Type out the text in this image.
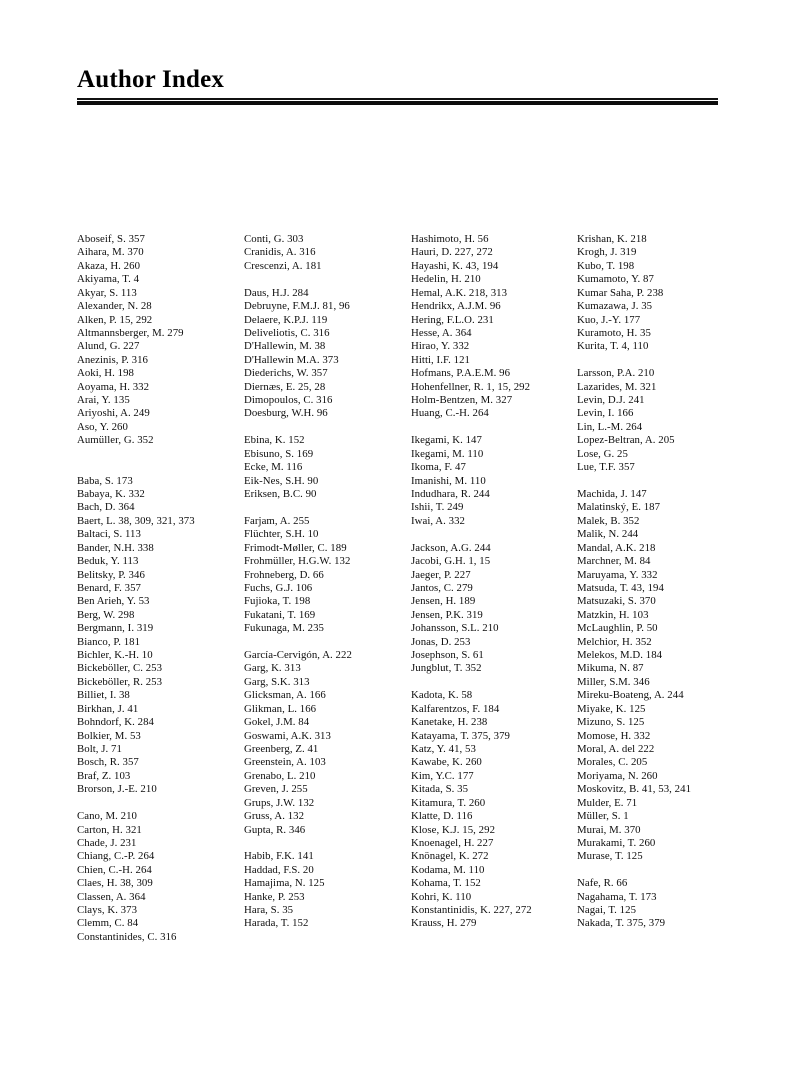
Author Index
Aboseif, S. 357
Aihara, M. 370
Akaza, H. 260
Akiyama, T. 4
Akyar, S. 113
Alexander, N. 28
Alken, P. 15, 292
Altmannsberger, M. 279
Alund, G. 227
Anezinis, P. 316
Aoki, H. 198
Aoyama, H. 332
Arai, Y. 135
Ariyoshi, A. 249
Aso, Y. 260
Aumüller, G. 352
Baba, S. 173
Babaya, K. 332
Bach, D. 364
Baert, L. 38, 309, 321, 373
Baltaci, S. 113
Bander, N.H. 338
Beduk, Y. 113
Belitsky, P. 346
Benard, F. 357
Ben Arieh, Y. 53
Berg, W. 298
Bergmann, I. 319
Bianco, P. 181
Bichler, K.-H. 10
Bickeböller, C. 253
Bickeböller, R. 253
Billiet, I. 38
Birkhan, J. 41
Bohndorf, K. 284
Bolkier, M. 53
Bolt, J. 71
Bosch, R. 357
Braf, Z. 103
Brorson, J.-E. 210
Cano, M. 210
Carton, H. 321
Chade, J. 231
Chiang, C.-P. 264
Chien, C.-H. 264
Claes, H. 38, 309
Classen, A. 364
Clays, K. 373
Clemm, C. 84
Constantinides, C. 316
Conti, G. 303
Cranidis, A. 316
Crescenzi, A. 181
Daus, H.J. 284
Debruyne, F.M.J. 81, 96
Delaere, K.P.J. 119
Deliveliotis, C. 316
D'Hallewin, M. 38
D'Hallewin M.A. 373
Diederichs, W. 357
Diernæs, E. 25, 28
Dimopoulos, C. 316
Doesburg, W.H. 96
Ebina, K. 152
Ebisuno, S. 169
Ecke, M. 116
Eik-Nes, S.H. 90
Eriksen, B.C. 90
Farjam, A. 255
Flüchter, S.H. 10
Frimodt-Møller, C. 189
Frohmüller, H.G.W. 132
Frohneberg, D. 66
Fuchs, G.J. 106
Fujioka, T. 198
Fukatani, T. 169
Fukunaga, M. 235
García-Cervigón, A. 222
Garg, K. 313
Garg, S.K. 313
Glicksman, A. 166
Glikman, L. 166
Gokel, J.M. 84
Goswami, A.K. 313
Greenberg, Z. 41
Greenstein, A. 103
Grenabo, L. 210
Greven, J. 255
Grups, J.W. 132
Gruss, A. 132
Gupta, R. 346
Habib, F.K. 141
Haddad, F.S. 20
Hamajima, N. 125
Hanke, P. 253
Hara, S. 35
Harada, T. 152
Hashimoto, H. 56
Hauri, D. 227, 272
Hayashi, K. 43, 194
Hedelin, H. 210
Hemal, A.K. 218, 313
Hendrikx, A.J.M. 96
Hering, F.L.O. 231
Hesse, A. 364
Hirao, Y. 332
Hitti, I.F. 121
Hofmans, P.A.E.M. 96
Hohenfellner, R. 1, 15, 292
Holm-Bentzen, M. 327
Huang, C.-H. 264
Ikegami, K. 147
Ikegami, M. 110
Ikoma, F. 47
Imanishi, M. 110
Indudhara, R. 244
Ishii, T. 249
Iwai, A. 332
Jackson, A.G. 244
Jacobi, G.H. 1, 15
Jaeger, P. 227
Jantos, C. 279
Jensen, H. 189
Jensen, P.K. 319
Johansson, S.L. 210
Jonas, D. 253
Josephson, S. 61
Jungblut, T. 352
Kadota, K. 58
Kalfarentzos, F. 184
Kanetake, H. 238
Katayama, T. 375, 379
Katz, Y. 41, 53
Kawabe, K. 260
Kim, Y.C. 177
Kitada, S. 35
Kitamura, T. 260
Klatte, D. 116
Klose, K.J. 15, 292
Knoenagel, H. 227
Knönagel, K. 272
Kodama, M. 110
Kohama, T. 152
Kohri, K. 110
Konstantinidis, K. 227, 272
Krauss, H. 279
Krishan, K. 218
Krogh, J. 319
Kubo, T. 198
Kumamoto, Y. 87
Kumar Saha, P. 238
Kumazawa, J. 35
Kuo, J.-Y. 177
Kuramoto, H. 35
Kurita, T. 4, 110
Larsson, P.A. 210
Lazarides, M. 321
Levin, D.J. 241
Levin, I. 166
Lin, L.-M. 264
Lopez-Beltran, A. 205
Lose, G. 25
Lue, T.F. 357
Machida, J. 147
Malatinský, E. 187
Malek, B. 352
Malik, N. 244
Mandal, A.K. 218
Marchner, M. 84
Maruyama, Y. 332
Matsuda, T. 43, 194
Matsuzaki, S. 370
Matzkin, H. 103
McLaughlin, P. 50
Melchior, H. 352
Melekos, M.D. 184
Mikuma, N. 87
Miller, S.M. 346
Mireku-Boateng, A. 244
Miyake, K. 125
Mizuno, S. 125
Momose, H. 332
Moral, A. del 222
Morales, C. 205
Moriyama, N. 260
Moskovitz, B. 41, 53, 241
Mulder, E. 71
Müller, S. 1
Murai, M. 370
Murakami, T. 260
Murase, T. 125
Nafe, R. 66
Nagahama, T. 173
Nagai, T. 125
Nakada, T. 375, 379
